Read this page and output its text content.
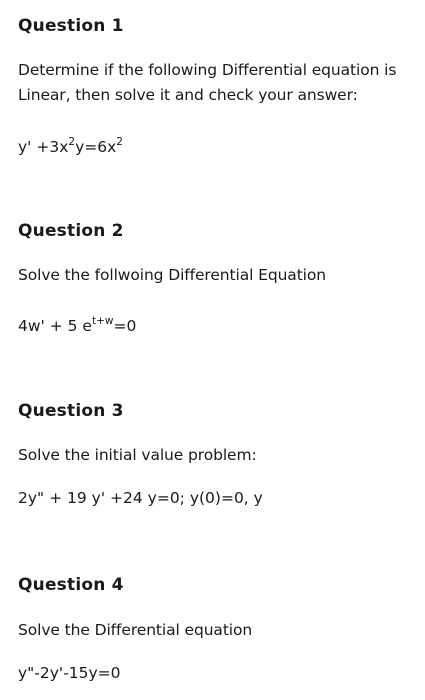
Question 1

Determine if the following Differential equation is Linear, then solve it and check your answer:

$y' +3x^2y=6x^2$

Question 2

Solve the follwoing Differential Equation

4w' + 5 $e^{t+w}=0$

Question 3

Solve the initial value problem:

2y" + 19 y' +24 y=0; y(0)=0, y

Question 4

Solve the Differential equation

y"-2y'-15y=0
